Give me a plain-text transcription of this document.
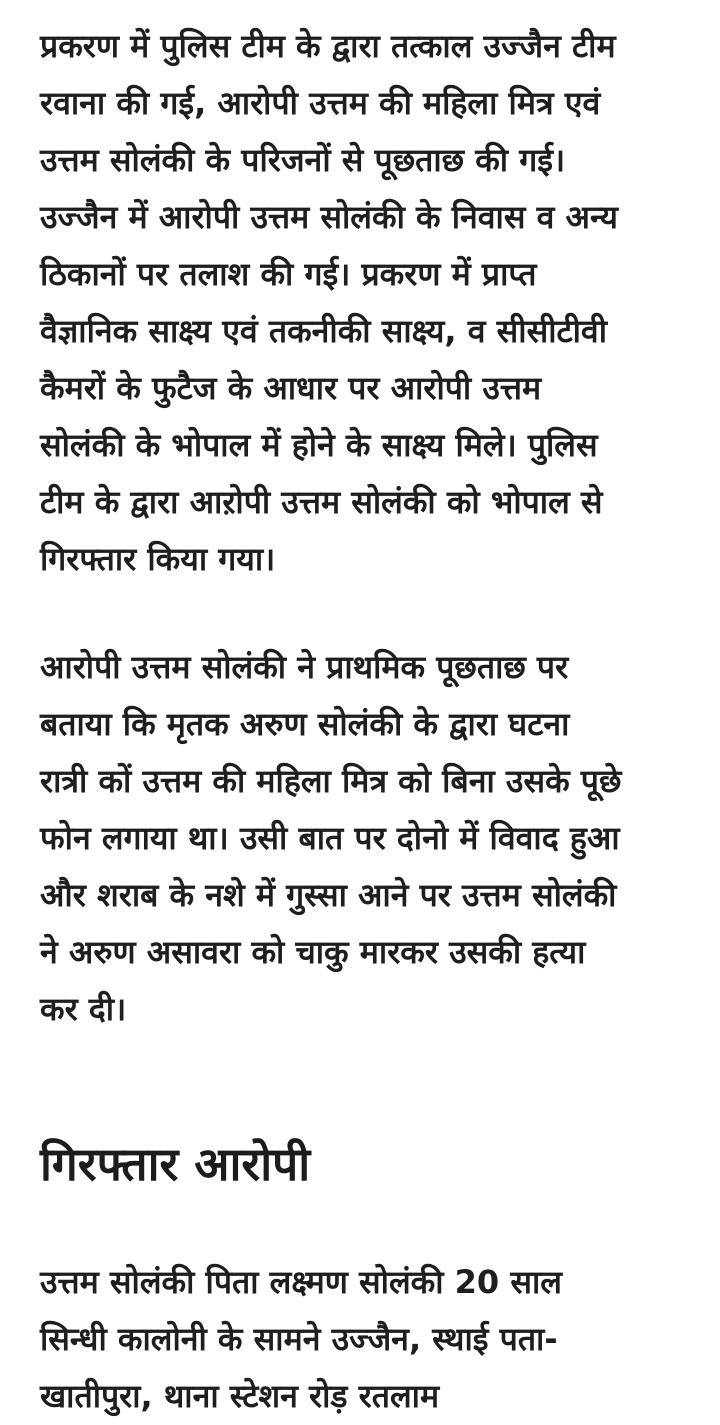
प्रकरण में पुलिस टीम के द्वारा तत्काल उज्जैन टीम
रवाना की गई, आरोपी उत्तम की महिला मित्र एवं
उत्तम सोलंकी के परिजनों से पूछताछ की गई।
उज्जैन में आरोपी उत्तम सोलंकी के निवास व अन्य
ठिकानों पर तलाश की गई। प्रकरण में प्राप्त
वैज्ञानिक साक्ष्य एवं तकनीकी साक्ष्य, व सीसीटीवी
कैमरों के फुटैज के आधार पर आरोपी उत्तम
सोलंकी के भोपाल में होने के साक्ष्य मिले। पुलिस
टीम के द्वारा आऱोपी उत्तम सोलंकी को भोपाल से
गिरफ्तार किया गया।

आरोपी उत्तम सोलंकी ने प्राथमिक पूछताछ पर
बताया कि मृतक अरुण सोलंकी के द्वारा घटना
रात्री कों उत्तम की महिला मित्र को बिना उसके पूछे
फोन लगाया था। उसी बात पर दोनो में विवाद हुआ
और शराब के नशे में गुस्सा आने पर उत्तम सोलंकी
ने अरुण असावरा को चाकु मारकर उसकी हत्या
कर दी।

गिरफ्तार आरोपी

उत्तम सोलंकी पिता लक्ष्मण सोलंकी 20 साल
सिन्धी कालोनी के सामने उज्जैन, स्थाई पता-
खातीपुरा, थाना स्टेशन रोड़ रतलाम
